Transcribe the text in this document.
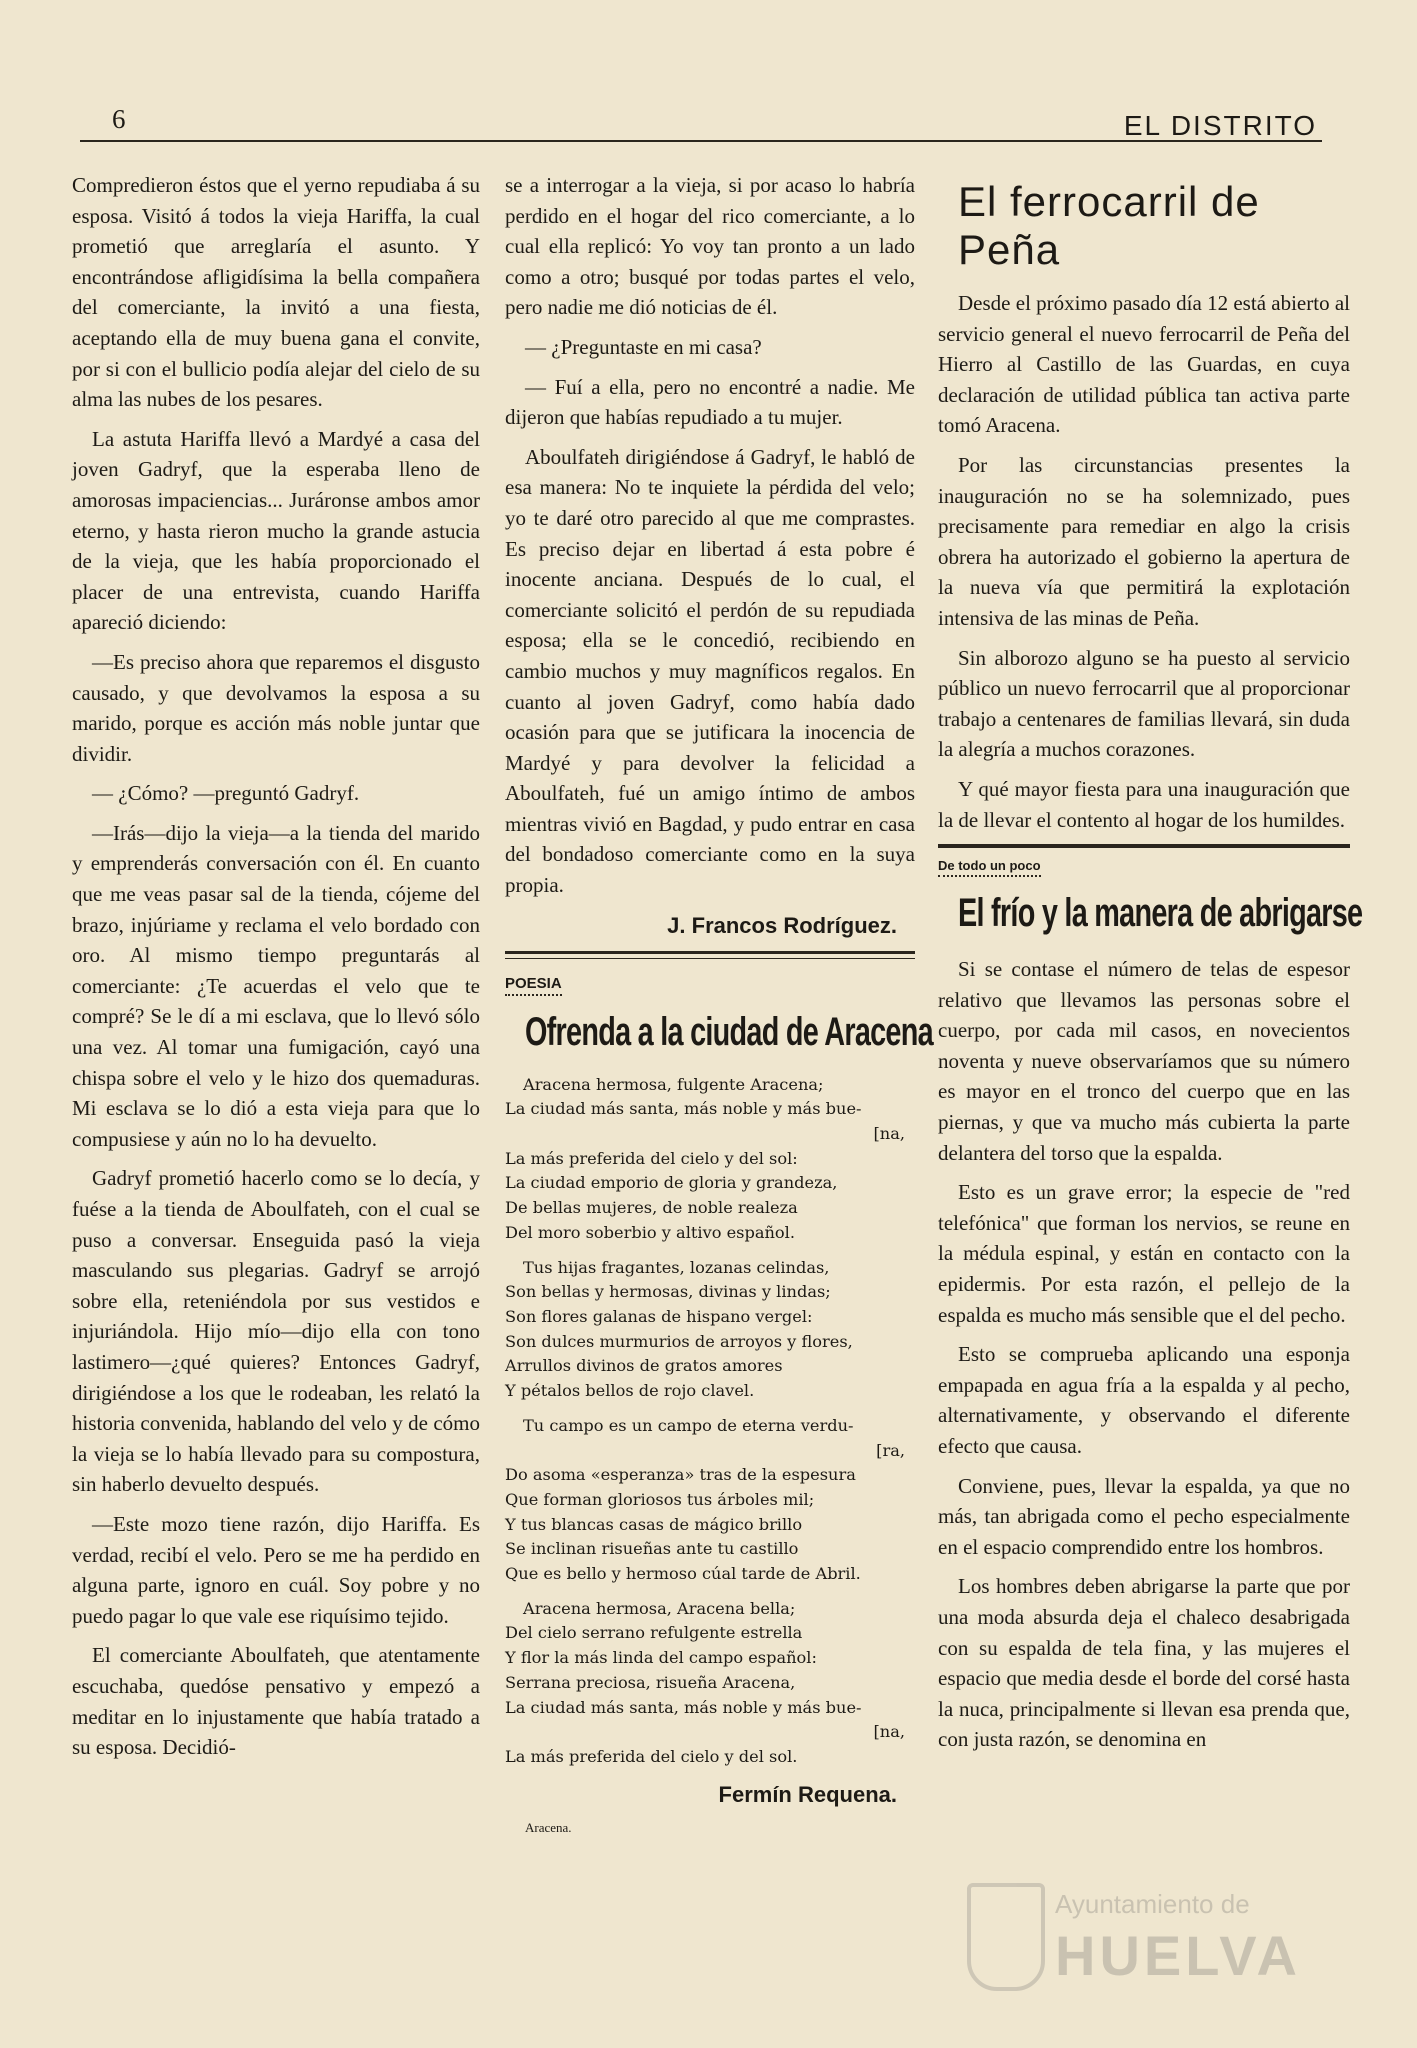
6	EL DISTRITO

Compredieron éstos que el yerno repudiaba á su esposa. Visitó á todos la vieja Hariffa, la cual prometió que arreglaría el asunto. Y encontrándose afligidísima la bella compañera del comerciante, la invitó a una fiesta, aceptando ella de muy buena gana el convite, por si con el bullicio podía alejar del cielo de su alma las nubes de los pesares.

La astuta Hariffa llevó a Mardyé a casa del joven Gadryf, que la esperaba lleno de amorosas impaciencias... Juráronse ambos amor eterno, y hasta rieron mucho la grande astucia de la vieja, que les había proporcionado el placer de una entrevista, cuando Hariffa apareció diciendo:

—Es preciso ahora que reparemos el disgusto causado, y que devolvamos la esposa a su marido, porque es acción más noble juntar que dividir.

— ¿Cómo? —preguntó Gadryf.

—Irás—dijo la vieja—a la tienda del marido y emprenderás conversación con él. En cuanto que me veas pasar sal de la tienda, cójeme del brazo, injúriame y reclama el velo bordado con oro. Al mismo tiempo preguntarás al comerciante: ¿Te acuerdas el velo que te compré? Se le dí a mi esclava, que lo llevó sólo una vez. Al tomar una fumigación, cayó una chispa sobre el velo y le hizo dos quemaduras. Mi esclava se lo dió a esta vieja para que lo compusiese y aún no lo ha devuelto.

Gadryf prometió hacerlo como se lo decía, y fuése a la tienda de Aboulfateh, con el cual se puso a conversar. Enseguida pasó la vieja masculando sus plegarias. Gadryf se arrojó sobre ella, reteniéndola por sus vestidos e injuriándola. Hijo mío—dijo ella con tono lastimero—¿qué quieres? Entonces Gadryf, dirigiéndose a los que le rodeaban, les relató la historia convenida, hablando del velo y de cómo la vieja se lo había llevado para su compostura, sin haberlo devuelto después.

—Este mozo tiene razón, dijo Hariffa. Es verdad, recibí el velo. Pero se me ha perdido en alguna parte, ignoro en cuál. Soy pobre y no puedo pagar lo que vale ese riquísimo tejido.

El comerciante Aboulfateh, que atentamente escuchaba, quedóse pensativo y empezó a meditar en lo injustamente que había tratado a su esposa. Decidió-

se a interrogar a la vieja, si por acaso lo habría perdido en el hogar del rico comerciante, a lo cual ella replicó: Yo voy tan pronto a un lado como a otro; busqué por todas partes el velo, pero nadie me dió noticias de él.

— ¿Preguntaste en mi casa?

— Fuí a ella, pero no encontré a nadie. Me dijeron que habías repudiado a tu mujer.

Aboulfateh dirigiéndose á Gadryf, le habló de esa manera: No te inquiete la pérdida del velo; yo te daré otro parecido al que me comprastes. Es preciso dejar en libertad á esta pobre é inocente anciana. Después de lo cual, el comerciante solicitó el perdón de su repudiada esposa; ella se le concedió, recibiendo en cambio muchos y muy magníficos regalos. En cuanto al joven Gadryf, como había dado ocasión para que se jutificara la inocencia de Mardyé y para devolver la felicidad a Aboulfateh, fué un amigo íntimo de ambos mientras vivió en Bagdad, y pudo entrar en casa del bondadoso comerciante como en la suya propia.

J. Francos Rodríguez.
POESIA
Ofrenda a la ciudad de Aracena
Aracena hermosa, fulgente Aracena;
La ciudad más santa, más noble y más bue-
[na,
La más preferida del cielo y del sol:
La ciudad emporio de gloria y grandeza,
De bellas mujeres, de noble realeza
Del moro soberbio y altivo español.
Tus hijas fragantes, lozanas celindas,
Son bellas y hermosas, divinas y lindas;
Son flores galanas de hispano vergel:
Son dulces murmurios de arroyos y flores,
Arrullos divinos de gratos amores
Y pétalos bellos de rojo clavel.
Tu campo es un campo de eterna verdu-
[ra,
Do asoma «esperanza» tras de la espesura
Que forman gloriosos tus árboles mil;
Y tus blancas casas de mágico brillo
Se inclinan risueñas ante tu castillo
Que es bello y hermoso cúal tarde de Abril.
Aracena hermosa, Aracena bella;
Del cielo serrano refulgente estrella
Y flor la más linda del campo español:
Serrana preciosa, risueña Aracena,
La ciudad más santa, más noble y más bue-
[na,
La más preferida del cielo y del sol.
Fermín Requena.
Aracena.
El ferrocarril de Peña

Desde el próximo pasado día 12 está abierto al servicio general el nuevo ferrocarril de Peña del Hierro al Castillo de las Guardas, en cuya declaración de utilidad pública tan activa parte tomó Aracena.

Por las circunstancias presentes la inauguración no se ha solemnizado, pues precisamente para remediar en algo la crisis obrera ha autorizado el gobierno la apertura de la nueva vía que permitirá la explotación intensiva de las minas de Peña.

Sin alborozo alguno se ha puesto al servicio público un nuevo ferrocarril que al proporcionar trabajo a centenares de familias llevará, sin duda la alegría a muchos corazones.

Y qué mayor fiesta para una inauguración que la de llevar el contento al hogar de los humildes.

De todo un poco
El frío y la manera de abrigarse

Si se contase el número de telas de espesor relativo que llevamos las personas sobre el cuerpo, por cada mil casos, en novecientos noventa y nueve observaríamos que su número es mayor en el tronco del cuerpo que en las piernas, y que va mucho más cubierta la parte delantera del torso que la espalda.

Esto es un grave error; la especie de "red telefónica" que forman los nervios, se reune en la médula espinal, y están en contacto con la epidermis. Por esta razón, el pellejo de la espalda es mucho más sensible que el del pecho.

Esto se comprueba aplicando una esponja empapada en agua fría a la espalda y al pecho, alternativamente, y observando el diferente efecto que causa.

Conviene, pues, llevar la espalda, ya que no más, tan abrigada como el pecho especialmente en el espacio comprendido entre los hombros.

Los hombres deben abrigarse la parte que por una moda absurda deja el chaleco desabrigada con su espalda de tela fina, y las mujeres el espacio que media desde el borde del corsé hasta la nuca, principalmente si llevan esa prenda que, con justa razón, se denomina en

Ayuntamiento de
HUELVA
